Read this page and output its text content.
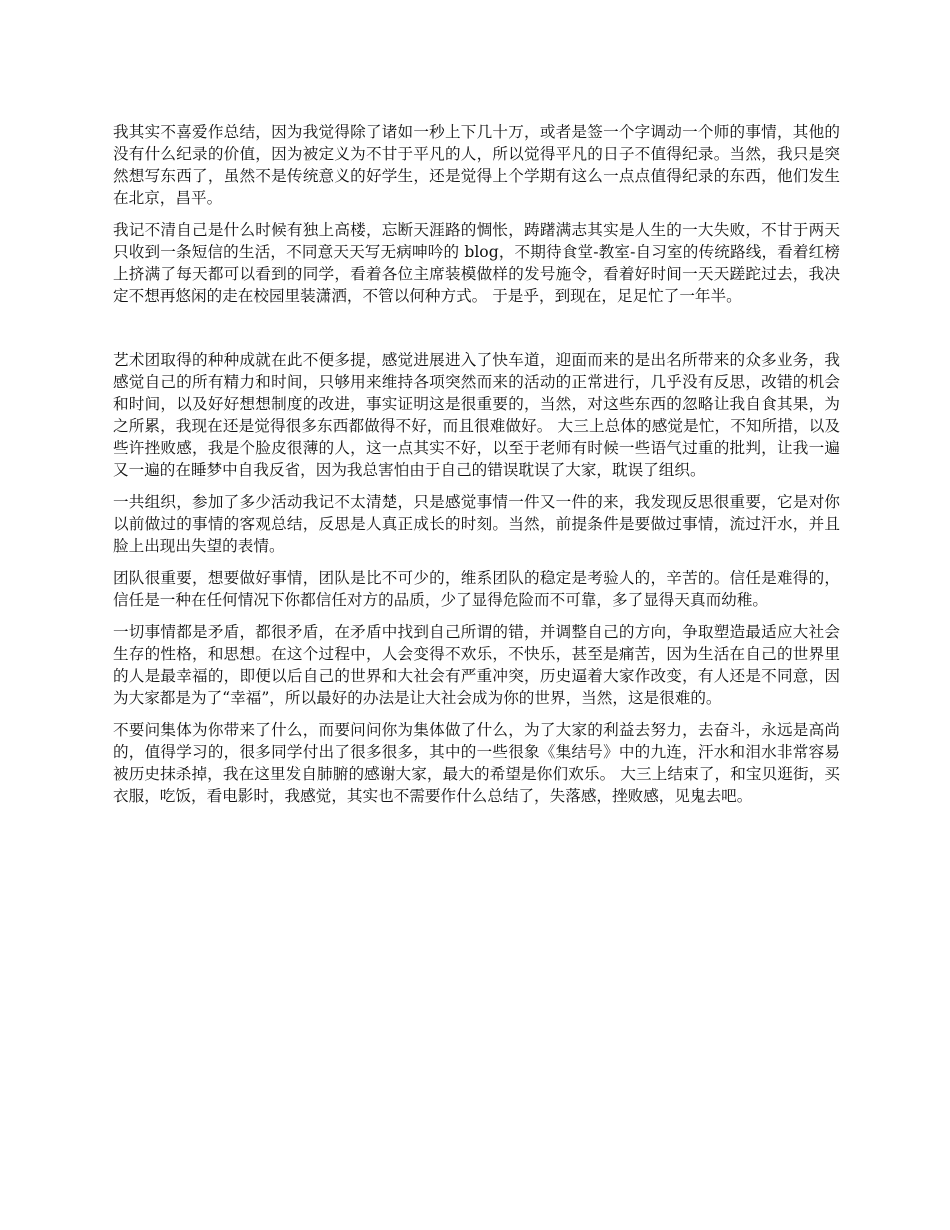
我其实不喜爱作总结，因为我觉得除了诸如一秒上下几十万，或者是签一个字调动一个师的事情，其他的没有什么纪录的价值，因为被定义为不甘于平凡的人，所以觉得平凡的日子不值得纪录。当然，我只是突然想写东西了，虽然不是传统意义的好学生，还是觉得上个学期有这么一点点值得纪录的东西，他们发生在北京，昌平。

我记不清自己是什么时候有独上高楼，忘断天涯路的惆怅，踌躇满志其实是人生的一大失败，不甘于两天只收到一条短信的生活，不同意天天写无病呻吟的 blog，不期待食堂-教室-自习室的传统路线，看着红榜上挤满了每天都可以看到的同学，看着各位主席装模做样的发号施令，看着好时间一天天蹉跎过去，我决定不想再悠闲的走在校园里装潇洒，不管以何种方式。 于是乎，到现在，足足忙了一年半。

艺术团取得的种种成就在此不便多提，感觉进展进入了快车道，迎面而来的是出名所带来的众多业务，我感觉自己的所有精力和时间，只够用来维持各项突然而来的活动的正常进行，几乎没有反思，改错的机会和时间，以及好好想想制度的改进，事实证明这是很重要的，当然，对这些东西的忽略让我自食其果，为之所累，我现在还是觉得很多东西都做得不好，而且很难做好。 大三上总体的感觉是忙，不知所措，以及些许挫败感，我是个脸皮很薄的人，这一点其实不好，以至于老师有时候一些语气过重的批判，让我一遍又一遍的在睡梦中自我反省，因为我总害怕由于自己的错误耽误了大家，耽误了组织。

一共组织，参加了多少活动我记不太清楚，只是感觉事情一件又一件的来，我发现反思很重要，它是对你以前做过的事情的客观总结，反思是人真正成长的时刻。当然，前提条件是要做过事情，流过汗水，并且脸上出现出失望的表情。

团队很重要，想要做好事情，团队是比不可少的，维系团队的稳定是考验人的，辛苦的。信任是难得的，信任是一种在任何情况下你都信任对方的品质，少了显得危险而不可靠，多了显得天真而幼稚。

一切事情都是矛盾，都很矛盾，在矛盾中找到自己所谓的错，并调整自己的方向，争取塑造最适应大社会生存的性格，和思想。在这个过程中，人会变得不欢乐，不快乐，甚至是痛苦，因为生活在自己的世界里的人是最幸福的，即便以后自己的世界和大社会有严重冲突，历史逼着大家作改变，有人还是不同意，因为大家都是为了“幸福”，所以最好的办法是让大社会成为你的世界，当然，这是很难的。

不要问集体为你带来了什么，而要问问你为集体做了什么，为了大家的利益去努力，去奋斗，永远是高尚的，值得学习的，很多同学付出了很多很多，其中的一些很象《集结号》中的九连，汗水和泪水非常容易被历史抹杀掉，我在这里发自肺腑的感谢大家，最大的希望是你们欢乐。 大三上结束了，和宝贝逛街，买衣服，吃饭，看电影时，我感觉，其实也不需要作什么总结了，失落感，挫败感，见鬼去吧。
